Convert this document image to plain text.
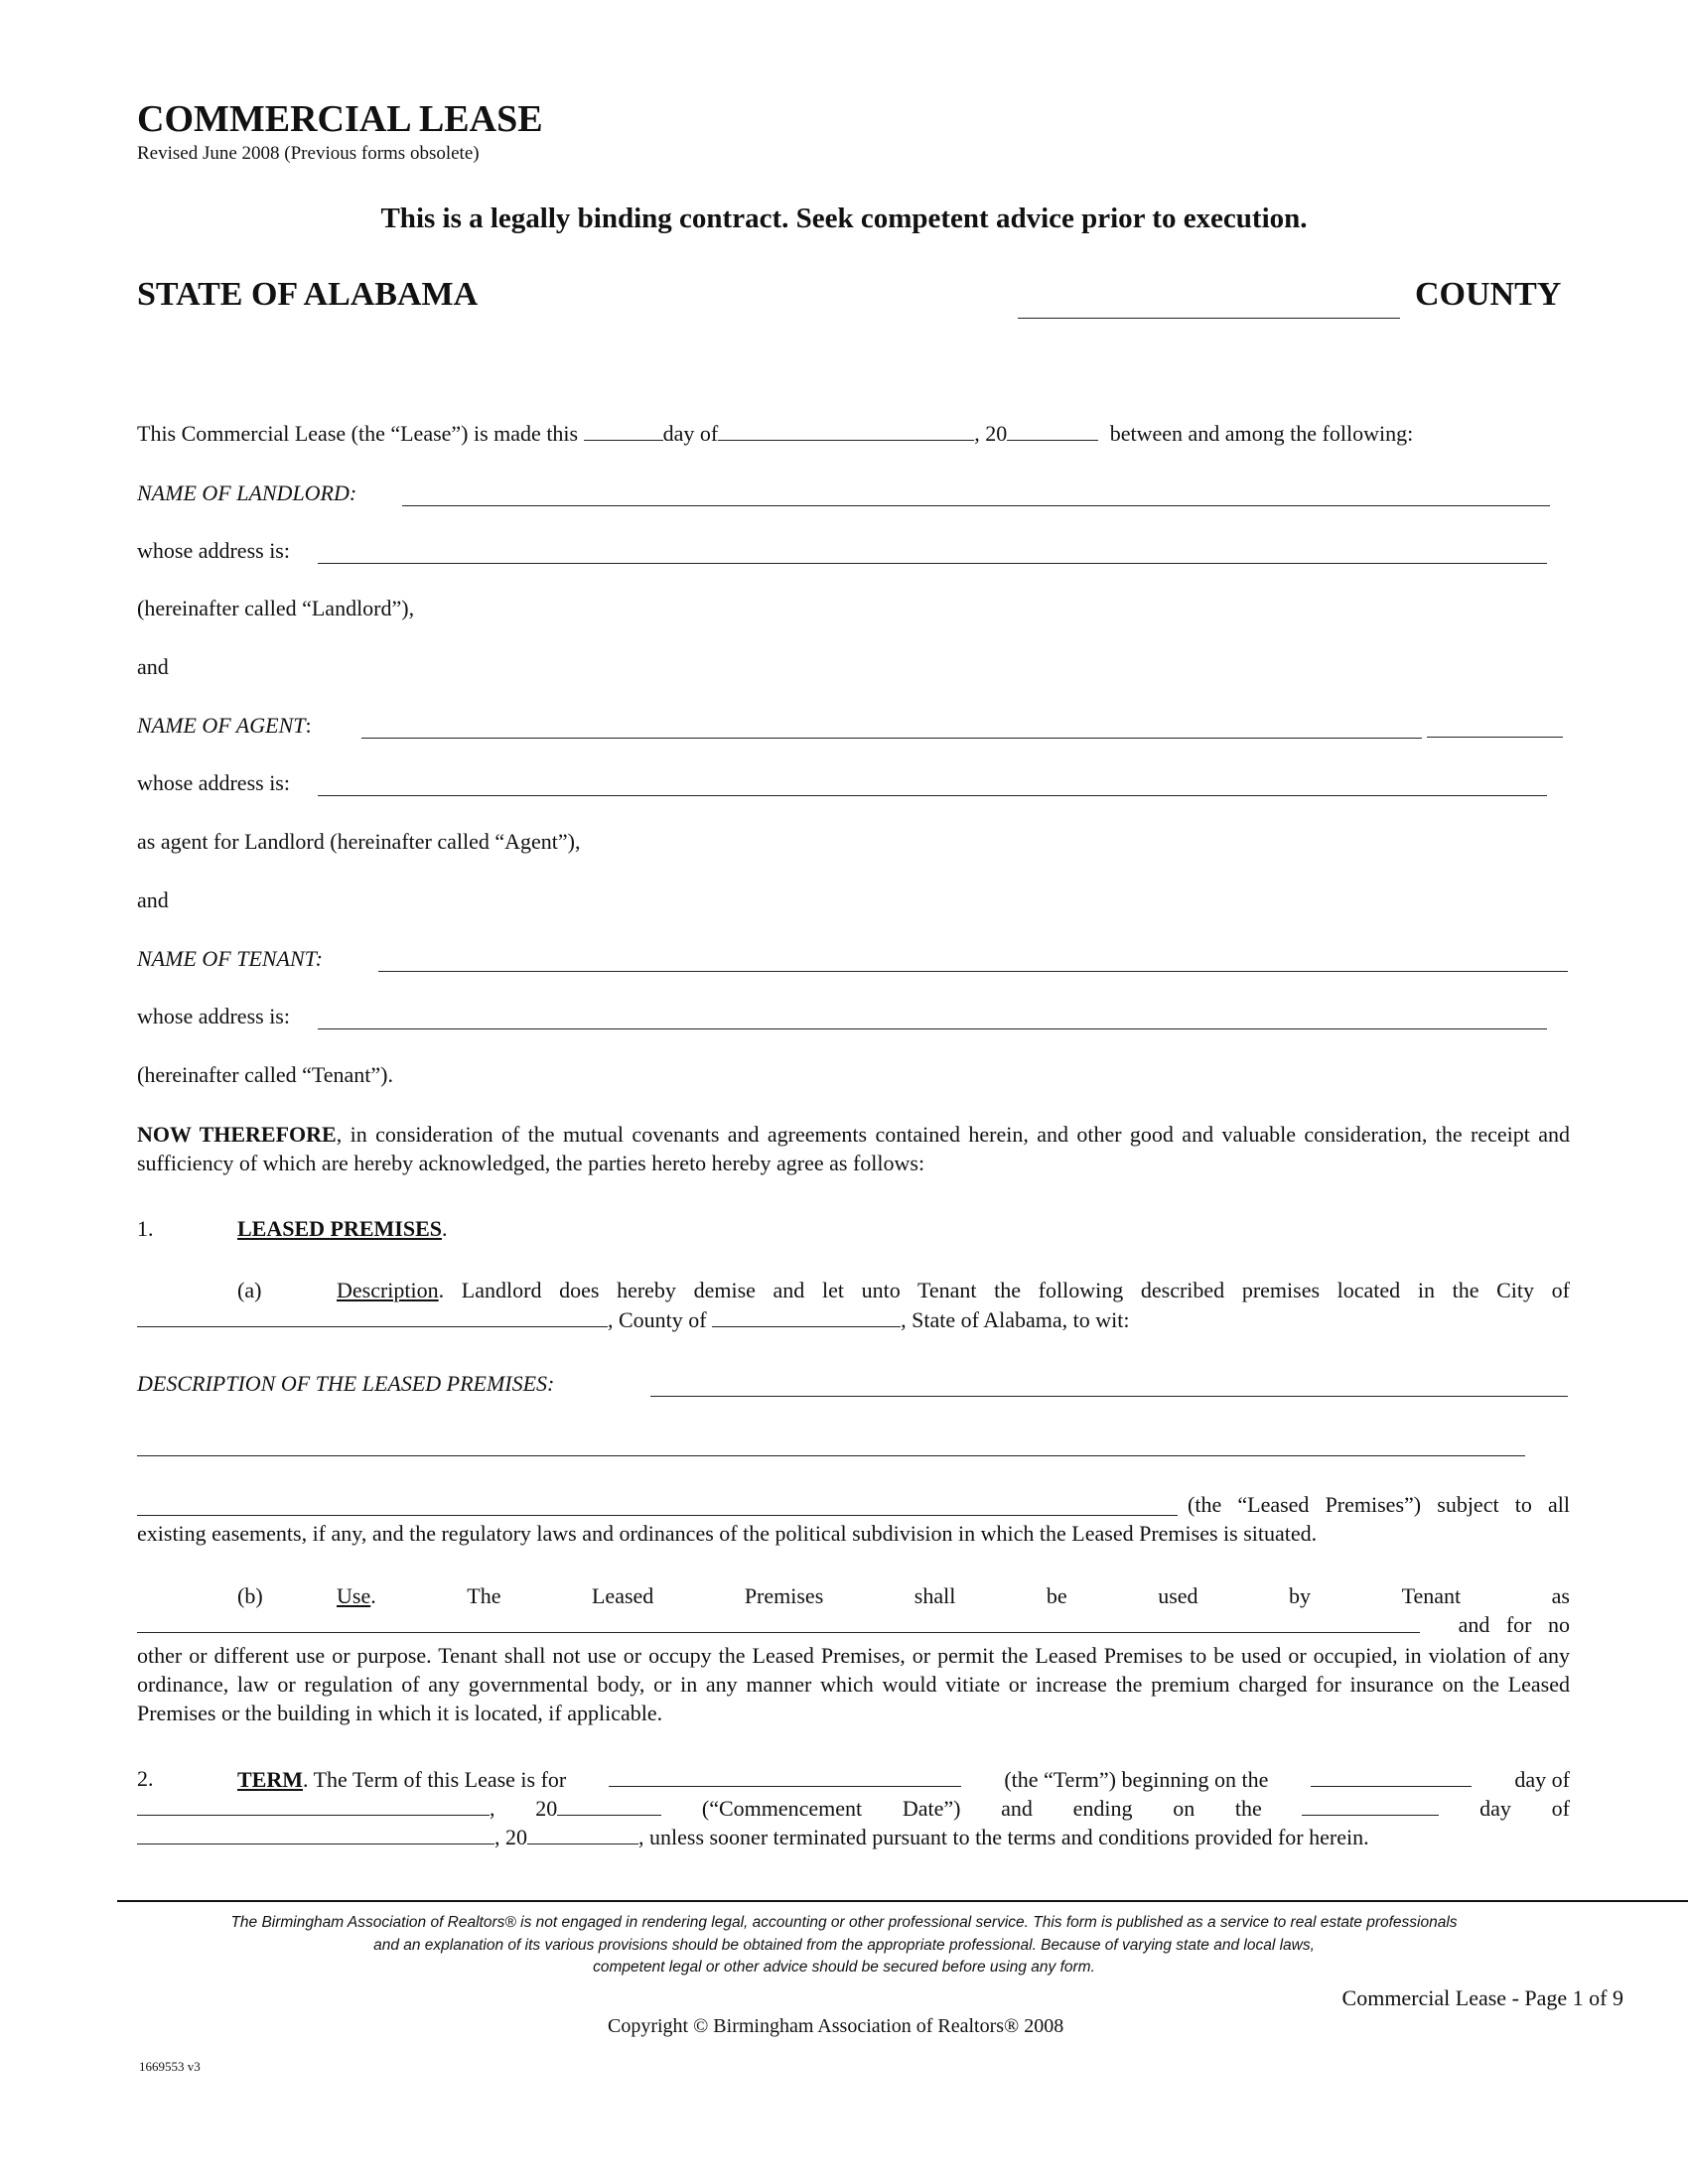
COMMERCIAL LEASE
Revised June 2008 (Previous forms obsolete)
This is a legally binding contract. Seek competent advice prior to execution.
STATE OF ALABAMA	COUNTY
This Commercial Lease (the “Lease”) is made this	day of	, 20	between and among the following:
NAME OF LANDLORD:
whose address is:
(hereinafter called “Landlord”),
and
NAME OF AGENT:
whose address is:
as agent for Landlord (hereinafter called “Agent”),
and
NAME OF TENANT:
whose address is:
(hereinafter called “Tenant”).
NOW THEREFORE, in consideration of the mutual covenants and agreements contained herein, and other good and valuable consideration, the receipt and sufficiency of which are hereby acknowledged, the parties hereto hereby agree as follows:
1.	LEASED PREMISES.
(a)	Description. Landlord does hereby demise and let unto Tenant the following described premises located in the City of
, County of	, State of Alabama, to wit:
DESCRIPTION OF THE LEASED PREMISES:
(the “Leased Premises”) subject to all
existing easements, if any, and the regulatory laws and ordinances of the political subdivision in which the Leased Premises is situated.
(b)	Use.	The	Leased	Premises	shall	be	used	by	Tenant	as
and   for   no
other or different use or purpose. Tenant shall not use or occupy the Leased Premises, or permit the Leased Premises to be used or occupied, in violation of any ordinance, law or regulation of any governmental body, or in any manner which would vitiate or increase the premium charged for insurance on the Leased Premises or the building in which it is located, if applicable.
2.	TERM. The Term of this Lease is for	(the “Term”) beginning on the	day of
, 20	(“Commencement Date”) and ending on the	day of
, 20	, unless sooner terminated pursuant to the terms and conditions provided for herein.
The Birmingham Association of Realtors® is not engaged in rendering legal, accounting or other professional service. This form is published as a service to real estate professionals
and an explanation of its various provisions should be obtained from the appropriate professional. Because of varying state and local laws,
competent legal or other advice should be secured before using any form.
Commercial Lease - Page 1 of 9
Copyright © Birmingham Association of Realtors® 2008
1669553 v3
